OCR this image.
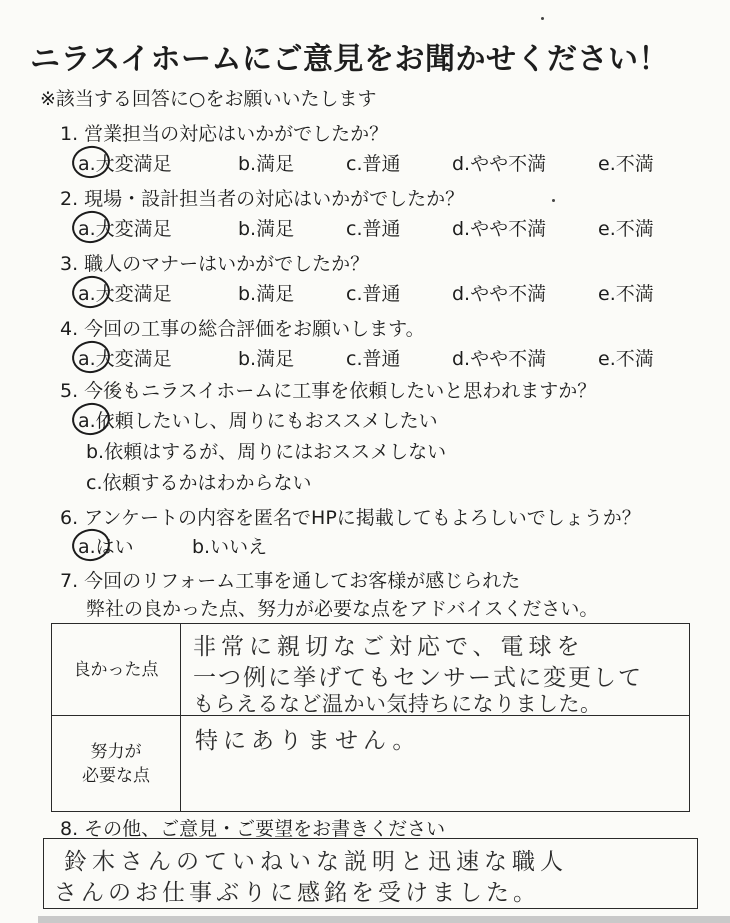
ニラスイホームにご意見をお聞かせください！
※該当する回答に○をお願いいたします
1. 営業担当の対応はいかがでしたか？
a.大変満足	b.満足	c.普通	d.やや不満	e.不満
2. 現場・設計担当者の対応はいかがでしたか？
a.大変満足	b.満足	c.普通	d.やや不満	e.不満
3. 職人のマナーはいかがでしたか？
a.大変満足	b.満足	c.普通	d.やや不満	e.不満
4. 今回の工事の総合評価をお願いします。
a.大変満足	b.満足	c.普通	d.やや不満	e.不満
5. 今後もニラスイホームに工事を依頼したいと思われますか？
a.依頼したいし、周りにもおススメしたい
b.依頼はするが、周りにはおススメしない
c.依頼するかはわからない
6. アンケートの内容を匿名でHPに掲載してもよろしいでしょうか？
a.はい	b.いいえ
7. 今回のリフォーム工事を通してお客様が感じられた
弊社の良かった点、努力が必要な点をアドバイスください。
良かった点	非常に親切なご対応で、電球を
一つ例に挙げてもセンサー式に変更して
もらえるなど温かい気持ちになりました。

努力が
必要な点	特にありません。
8. その他、ご意見・ご要望をお書きください
鈴木さんのていねいな説明と迅速な職人
さんのお仕事ぶりに感銘を受けました。
